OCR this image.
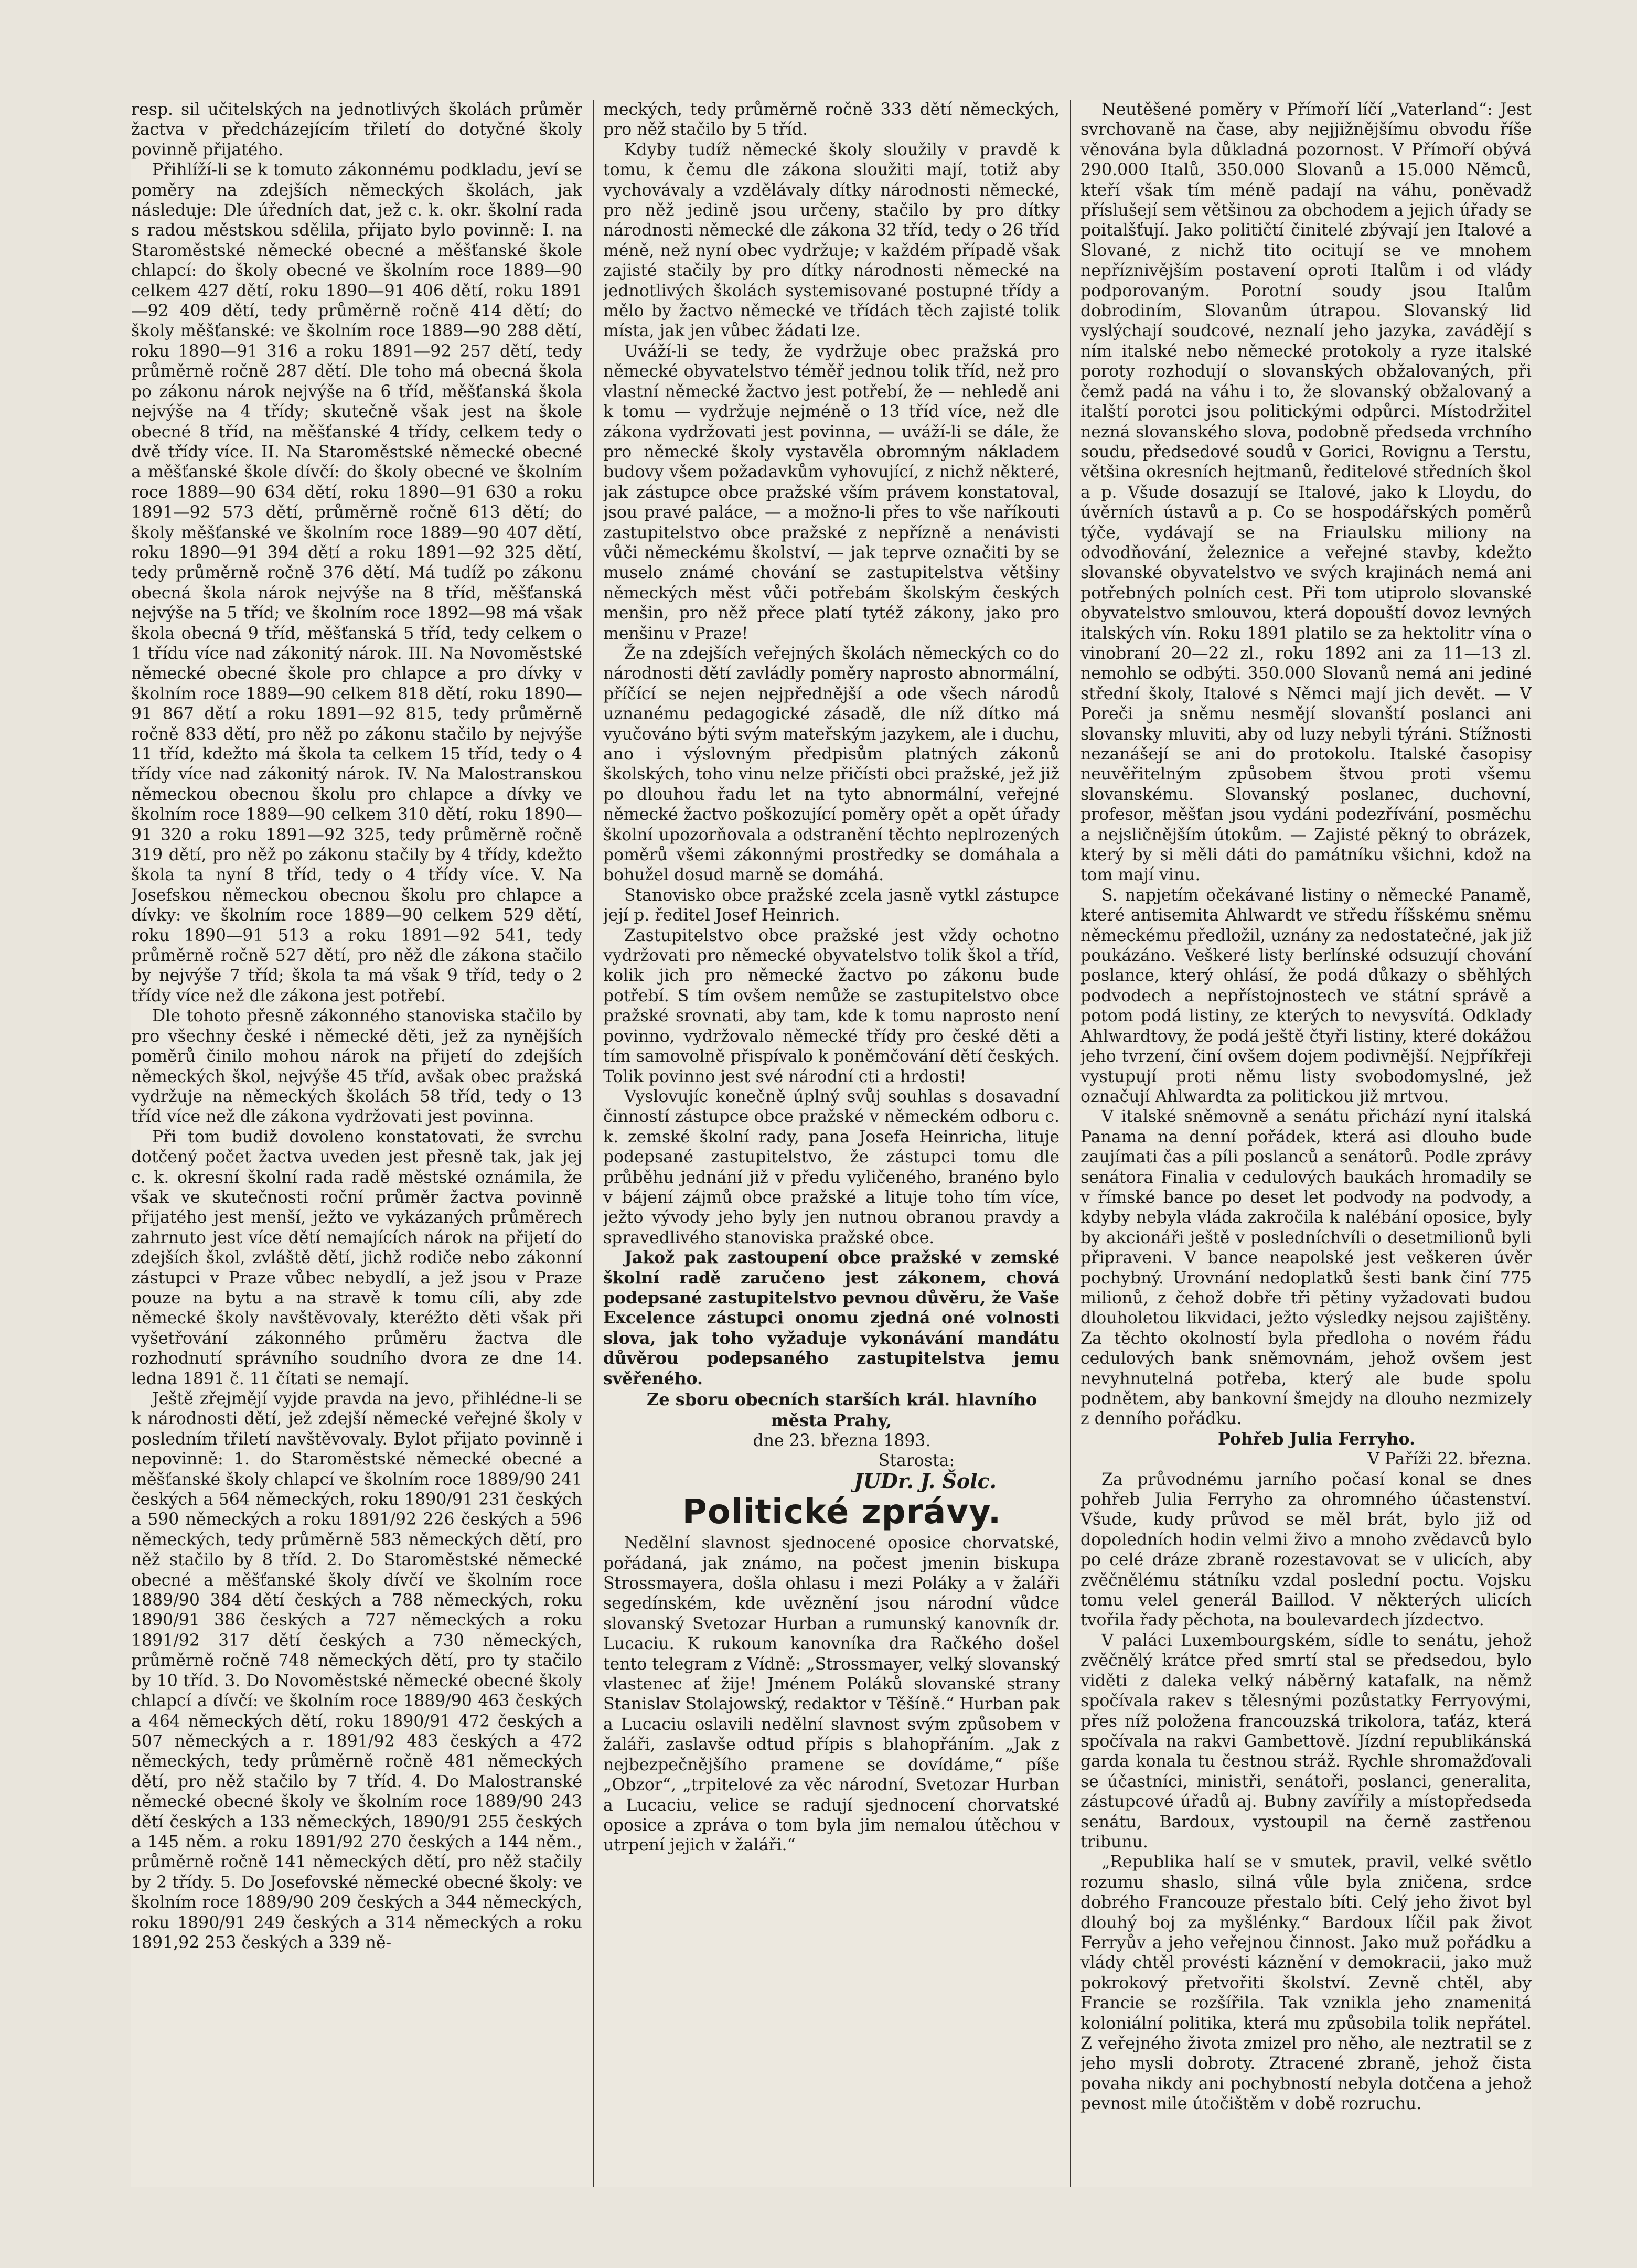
resp. sil učitelských na jednotlivých školách průměr žactva v předcházejícím třiletí do dotyčné školy povinně přijatého.

Přihlíží-li se k tomuto zákonnému podkladu, jeví se poměry na zdejších německých školách, jak následuje: Dle úředních dat, jež c. k. okr. školní rada s radou městskou sdělila, přijato bylo povinně: I. na Staroměstské německé obecné a měšťanské škole chlapcí: do školy obecné ve školním roce 1889—90 celkem 427 dětí, roku 1890—91 406 dětí, roku 1891—92 409 dětí, tedy průměrně ročně 414 dětí; do školy měšťanské: ve školním roce 1889—90 288 dětí, roku 1890—91 316 a roku 1891—92 257 dětí, tedy průměrně ročně 287 dětí. Dle toho má obecná škola po zákonu nárok nejvýše na 6 tříd, měšťanská škola nejvýše na 4 třídy; skutečně však jest na škole obecné 8 tříd, na měšťanské 4 třídy, celkem tedy o dvě třídy více. II. Na Staroměstské německé obecné a měšťanské škole dívčí: do školy obecné ve školním roce 1889—90 634 dětí, roku 1890—91 630 a roku 1891—92 573 dětí, průměrně ročně 613 dětí; do školy měšťanské ve školním roce 1889—90 407 dětí, roku 1890—91 394 dětí a roku 1891—92 325 dětí, tedy průměrně ročně 376 dětí. Má tudíž po zákonu obecná škola nárok nejvýše na 8 tříd, měšťanská nejvýše na 5 tříd; ve školním roce 1892—98 má však škola obecná 9 tříd, měšťanská 5 tříd, tedy celkem o 1 třídu více nad zákonitý nárok. III. Na Novoměstské německé obecné škole pro chlapce a pro dívky v školním roce 1889—90 celkem 818 dětí, roku 1890—91 867 dětí a roku 1891—92 815, tedy průměrně ročně 833 dětí, pro něž po zákonu stačilo by nejvýše 11 tříd, kdežto má škola ta celkem 15 tříd, tedy o 4 třídy více nad zákonitý nárok. IV. Na Malostranskou německou obecnou školu pro chlapce a dívky ve školním roce 1889—90 celkem 310 dětí, roku 1890—91 320 a roku 1891—92 325, tedy průměrně ročně 319 dětí, pro něž po zákonu stačily by 4 třídy, kdežto škola ta nyní 8 tříd, tedy o 4 třídy více. V. Na Josefskou německou obecnou školu pro chlapce a dívky: ve školním roce 1889—90 celkem 529 dětí, roku 1890—91 513 a roku 1891—92 541, tedy průměrně ročně 527 dětí, pro něž dle zákona stačilo by nejvýše 7 tříd; škola ta má však 9 tříd, tedy o 2 třídy více než dle zákona jest potřebí.

Dle tohoto přesně zákonného stanoviska stačilo by pro všechny české i německé děti, jež za nynějších poměrů činilo mohou nárok na přijetí do zdejších německých škol, nejvýše 45 tříd, avšak obec pražská vydržuje na německých školách 58 tříd, tedy o 13 tříd více než dle zákona vydržovati jest povinna.

Při tom budiž dovoleno konstatovati, že svrchu dotčený počet žactva uveden jest přesně tak, jak jej c. k. okresní školní rada radě městské oznámila, že však ve skutečnosti roční průměr žactva povinně přijatého jest menší, ježto ve vykázaných průměrech zahrnuto jest více dětí nemajících nárok na přijetí do zdejších škol, zvláště dětí, jichž rodiče nebo zákonní zástupci v Praze vůbec nebydlí, a jež jsou v Praze pouze na bytu a na stravě k tomu cíli, aby zde německé školy navštěvovaly, kteréžto děti však při vyšetřování zákonného průměru žactva dle rozhodnutí správního soudního dvora ze dne 14. ledna 1891 č. 11 čítati se nemají.

Ještě zřejmějí vyjde pravda na jevo, přihlédne-li se k národnosti dětí, jež zdejší německé veřejné školy v posledním třiletí navštěvovaly. Bylot přijato povinně i nepovinně: 1. do Staroměstské německé obecné a měšťanské školy chlapcí ve školním roce 1889/90 241 českých a 564 německých, roku 1890/91 231 českých a 590 německých a roku 1891/92 226 českých a 596 německých, tedy průměrně 583 německých dětí, pro něž stačilo by 8 tříd. 2. Do Staroměstské německé obecné a měšťanské školy dívčí ve školním roce 1889/90 384 dětí českých a 788 německých, roku 1890/91 386 českých a 727 německých a roku 1891/92 317 dětí českých a 730 německých, průměrně ročně 748 německých dětí, pro ty stačilo by 10 tříd. 3. Do Novoměstské německé obecné školy chlapcí a dívčí: ve školním roce 1889/90 463 českých a 464 německých dětí, roku 1890/91 472 českých a 507 německých a r. 1891/92 483 českých a 472 německých, tedy průměrně ročně 481 německých dětí, pro něž stačilo by 7 tříd. 4. Do Malostranské německé obecné školy ve školním roce 1889/90 243 dětí českých a 133 německých, 1890/91 255 českých a 145 něm. a roku 1891/92 270 českých a 144 něm., průměrně ročně 141 německých dětí, pro něž stačily by 2 třídy. 5. Do Josefovské německé obecné školy: ve školním roce 1889/90 209 českých a 344 německých, roku 1890/91 249 českých a 314 německých a roku 1891,92 253 českých a 339 ně-

meckých, tedy průměrně ročně 333 dětí německých, pro něž stačilo by 5 tříd.

Kdyby tudíž německé školy sloužily v pravdě k tomu, k čemu dle zákona sloužiti mají, totiž aby vychovávaly a vzdělávaly dítky národnosti německé, pro něž jedině jsou určeny, stačilo by pro dítky národnosti německé dle zákona 32 tříd, tedy o 26 tříd méně, než nyní obec vydržuje; v každém případě však zajisté stačily by pro dítky národnosti německé na jednotlivých školách systemisované postupné třídy a mělo by žactvo německé ve třídách těch zajisté tolik místa, jak jen vůbec žádati lze.

Uváží-li se tedy, že vydržuje obec pražská pro německé obyvatelstvo téměř jednou tolik tříd, než pro vlastní německé žactvo jest potřebí, že — nehledě ani k tomu — vydržuje nejméně o 13 tříd více, než dle zákona vydržovati jest povinna, — uváží-li se dále, že pro německé školy vystavěla obromným nákladem budovy všem požadavkům vyhovující, z nichž některé, jak zástupce obce pražské vším právem konstatoval, jsou pravé paláce, — a možno-li přes to vše naříkouti zastupitelstvo obce pražské z nepřízně a nenávisti vůči německému školství, — jak teprve označiti by se muselo známé chování se zastupitelstva většiny německých měst vůči potřebám školským českých menšin, pro něž přece platí tytéž zákony, jako pro menšinu v Praze!

Že na zdejších veřejných školách německých co do národnosti dětí zavládly poměry naprosto abnormální, příčící se nejen nejpřednější a ode všech národů uznanému pedagogické zásadě, dle níž dítko má vyučováno býti svým mateřským jazykem, ale i duchu, ano i výslovným předpisům platných zákonů školských, toho vinu nelze přičísti obci pražské, jež již po dlouhou řadu let na tyto abnormální, veřejné německé žactvo poškozující poměry opět a opět úřady školní upozorňovala a odstranění těchto neplrozených poměrů všemi zákonnými prostředky se domáhala a bohužel dosud marně se domáhá.

Stanovisko obce pražské zcela jasně vytkl zástupce její p. ředitel Josef Heinrich.

Zastupitelstvo obce pražské jest vždy ochotno vydržovati pro německé obyvatelstvo tolik škol a tříd, kolik jich pro německé žactvo po zákonu bude potřebí. S tím ovšem nemůže se zastupitelstvo obce pražské srovnati, aby tam, kde k tomu naprosto není povinno, vydržovalo německé třídy pro české děti a tím samovolně přispívalo k poněmčování dětí českých. Tolik povinno jest své národní cti a hrdosti!

Vyslovujíc konečně úplný svůj souhlas s dosavadní činností zástupce obce pražské v německém odboru c. k. zemské školní rady, pana Josefa Heinricha, lituje podepsané zastupitelstvo, že zástupci tomu dle průběhu jednání již v předu vyličeného, branénо bylo v bájení zájmů obce pražské a lituje toho tím více, ježto vývody jeho byly jen nutnou obranou pravdy a spravedlivého stanoviska pražské obce.

Jakož pak zastoupení obce pražské v zemské školní radě zaručeno jest zákonem, chová podepsané zastupitelstvo pevnou důvěru, že Vaše Excelence zástupci onomu zjedná oné volnosti slova, jak toho vyžaduje vykonávání mandátu důvěrou podepsaného zastupitelstva jemu svěřeného.

Ze sboru obecních starších král. hlavního města Prahy,

dne 23. března 1893.

Starosta:

JUDr. J. Šolc.

Politické zprávy.

Nedělní slavnost sjednocené oposice chorvatské, pořádaná, jak známo, na počest jmenin biskupa Strossmayera, došla ohlasu i mezi Poláky a v žaláři segedínském, kde uvěznění jsou národní vůdce slovanský Svetozar Hurban a rumunský kanovník dr. Lucaciu. K rukoum kanovníka dra Račkého došel tento telegram z Vídně: „Strossmayer, velký slovanský vlastenec ať žije! Jménem Poláků slovanské strany Stanislav Stolajowský, redaktor v Těšíně.“ Hurban pak a Lucaciu oslavili nedělní slavnost svým způsobem v žaláři, zaslavše odtud přípis s blahopřáním. „Jak z nejbezpečnějšího pramene se dovídáme,“ píše „Obzor“, „trpitelové za věc národní, Svetozar Hurban a Lucaciu, velice se radují sjednocení chorvatské oposice a zpráva o tom byla jim nemalou útěchou v utrpení jejich v žaláři.“

Neutěšené poměry v Přímoří líčí „Vaterland“: Jest svrchovaně na čase, aby nejjižnějšímu obvodu říše věnována byla důkladná pozornost. V Přímoří obývá 290.000 Italů, 350.000 Slovanů a 15.000 Němců, kteří však tím méně padají na váhu, poněvadž příslušejí sem většinou za obchodem a jejich úřady se poitalšťují. Jako političtí činitelé zbývají jen Italové a Slované, z nichž tito ocitují se ve mnohem nepříznivějším postavení oproti Italům i od vlády podporovaným. Porotní soudy jsou Italům dobrodiním, Slovanům útrapou. Slovanský lid vyslýchají soudcové, neznalí jeho jazyka, zavádějí s ním italské nebo německé protokoly a ryze italské poroty rozhodují o slovanských obžalovaných, při čemž padá na váhu i to, že slovanský obžalovaný a italští porotci jsou politickými odpůrci. Místodržitel nezná slovanského slova, podobně předseda vrchního soudu, předsedové soudů v Gorici, Rovignu a Terstu, většina okresních hejtmanů, ředitelové středních škol a p. Všude dosazují se Italové, jako k Lloydu, do úvěrních ústavů a p. Co se hospodářských poměrů týče, vydávají se na Friaulsku miliony na odvodňování, železnice a veřejné stavby, kdežto slovanské obyvatelstvo ve svých krajinách nemá ani potřebných polních cest. Při tom utiprolo slovanské obyvatelstvo smlouvou, která dopouští dovoz levných italských vín. Roku 1891 platilo se za hektolitr vína o vinobraní 20—22 zl., roku 1892 ani za 11—13 zl. nemohlo se odbýti. 350.000 Slovanů nemá ani jediné střední školy, Italové s Němci mají jich devět. — V Poreči ja sněmu nesmějí slovanští poslanci ani slovansky mluviti, aby od luzy nebyli týráni. Stížnosti nezanášejí se ani do protokolu. Italské časopisy neuvěřitelným způsobem štvou proti všemu slovanskému. Slovanský poslanec, duchovní, profesor, měšťan jsou vydáni podezřívání, posměchu a nejsličnějším útokům. — Zajisté pěkný to obrázek, který by si měli dáti do památníku všichni, kdož na tom mají vinu.

S. napjetím očekávané listiny o německé Panamě, které antisemita Ahlwardt ve středu říšskému sněmu německému předložil, uznány za nedostatečné, jak již poukázáno. Veškeré listy berlínské odsuzují chování poslance, který ohlásí, že podá důkazy o sběhlých podvodech a nepřístojnostech ve státní správě a potom podá listiny, ze kterých to nevysvítá. Odklady Ahlwardtovy, že podá ještě čtyři listiny, které dokážou jeho tvrzení, činí ovšem dojem podivnější. Nejpříkřeji vystupují proti němu listy svobodomyslné, jež označují Ahlwardta za politickou již mrtvou.

V italské sněmovně a senátu přichází nyní italská Panama na denní pořádek, která asi dlouho bude zaujímati čas a píli poslanců a senátorů. Podle zprávy senátora Finalia v cedulových baukách hromadily se v římské bance po deset let podvody na podvody, a kdyby nebyla vláda zakročila k nalébání oposice, byly by akcionáři ještě v posledníchvíli o desetmilionů byli připraveni. V bance neapolské jest veškeren úvěr pochybný. Urovnání nedoplatků šesti bank činí 775 milionů, z čehož dobře tři pětiny vyžadovati budou dlouholetou likvidaci, ježto výsledky nejsou zajištěny. Za těchto okolností byla předloha o novém řádu cedulových bank sněmovnám, jehož ovšem jest nevyhnutelná potřeba, který ale bude spolu podnětem, aby bankovní šmejdy na dlouho nezmizely z denního pořádku.

Pohřeb Julia Ferryho.

V Paříži 22. března.

Za průvodnému jarního počasí konal se dnes pohřeb Julia Ferryho za ohromného účastenství. Všude, kudy průvod se měl brát, bylo již od dopoledních hodin velmi živo a mnoho zvědavců bylo po celé dráze zbraně rozestavovat se v ulicích, aby zvěčnělému státníku vzdal poslední poctu. Vojsku tomu velel generál Baillod. V některých ulicích tvořila řady pěchota, na boulevardech jízdectvo.

V paláci Luxembourgském, sídle to senátu, jehož zvěčnělý krátce před smrtí stal se předsedou, bylo viděti z daleka velký náběrný katafalk, na němž spočívala rakev s tělesnými pozůstatky Ferryovými, přes níž položena francouzská trikolora, taťáz, která spočívala na rakvi Gambettově. Jízdní republikánská garda konala tu čestnou stráž. Rychle shromažďovali se účastníci, ministři, senátoři, poslanci, generalita, zástupcové úřadů aj. Bubny zavířily a místopředseda senátu, Bardoux, vystoupil na černě zastřenou tribunu.

„Republika halí se v smutek, pravil, velké světlo rozumu shaslo, silná vůle byla zničena, srdce dobrého Francouze přestalo bíti. Celý jeho život byl dlouhý boj za myšlénky.“ Bardoux líčil pak život Ferryův a jeho veřejnou činnost. Jako muž pořádku a vlády chtěl provésti káznění v demokracii, jako muž pokrokový přetvořiti školství. Zevně chtěl, aby Francie se rozšířila. Tak vznikla jeho znamenitá koloniální politika, která mu způsobila tolik nepřátel. Z veřejného života zmizel pro něho, ale neztratil se z jeho mysli dobroty. Ztracené zbraně, jehož čista povaha nikdy ani pochybností nebyla dotčena a jehož pevnost mile útočištěm v době rozruchu.
